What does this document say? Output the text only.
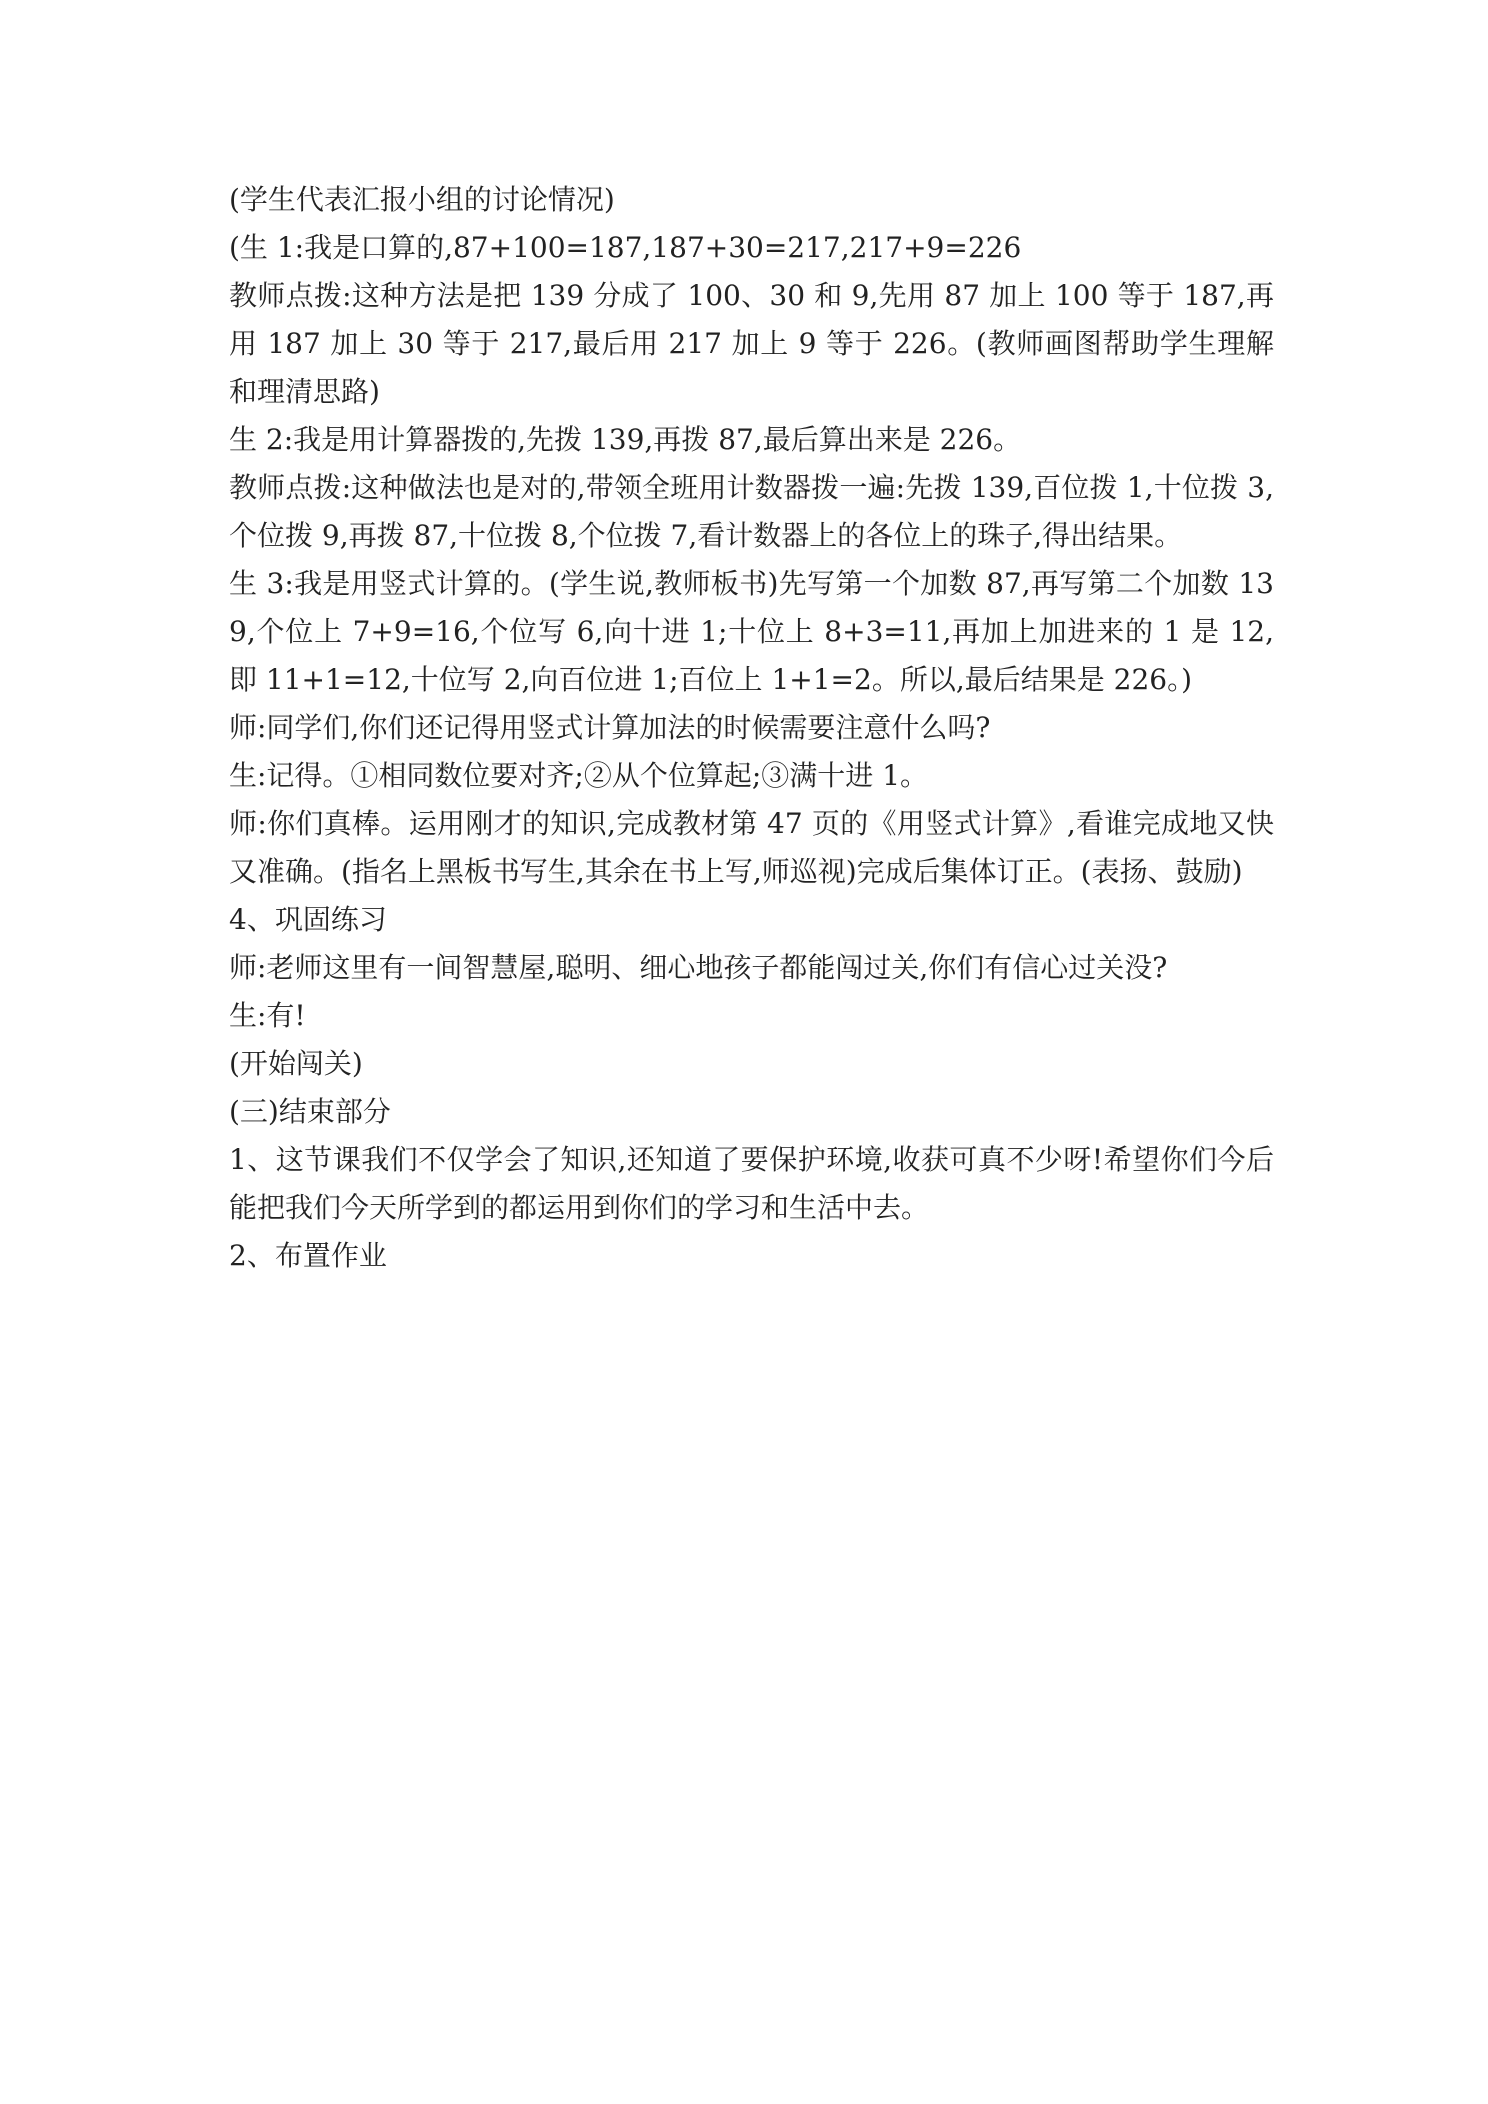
(学生代表汇报小组的讨论情况)

(生 1:我是口算的,87+100=187,187+30=217,217+9=226

教师点拨:这种方法是把 139 分成了 100、30 和 9,先用 87 加上 100 等于 187,再用 187 加上 30 等于 217,最后用 217 加上 9 等于 226。(教师画图帮助学生理解和理清思路)

生 2:我是用计算器拨的,先拨 139,再拨 87,最后算出来是 226。

教师点拨:这种做法也是对的,带领全班用计数器拨一遍:先拨 139,百位拨 1,十位拨 3,个位拨 9,再拨 87,十位拨 8,个位拨 7,看计数器上的各位上的珠子,得出结果。

生 3:我是用竖式计算的。(学生说,教师板书)先写第一个加数 87,再写第二个加数 139,个位上 7+9=16,个位写 6,向十进 1;十位上 8+3=11,再加上加进来的 1 是 12,即 11+1=12,十位写 2,向百位进 1;百位上 1+1=2。所以,最后结果是 226。)

师:同学们,你们还记得用竖式计算加法的时候需要注意什么吗?

生:记得。①相同数位要对齐;②从个位算起;③满十进 1。

师:你们真棒。运用刚才的知识,完成教材第 47 页的《用竖式计算》,看谁完成地又快又准确。(指名上黑板书写生,其余在书上写,师巡视)完成后集体订正。(表扬、鼓励)

4、巩固练习

师:老师这里有一间智慧屋,聪明、细心地孩子都能闯过关,你们有信心过关没?

生:有!

(开始闯关)

(三)结束部分

1、这节课我们不仅学会了知识,还知道了要保护环境,收获可真不少呀!希望你们今后能把我们今天所学到的都运用到你们的学习和生活中去。

2、布置作业
